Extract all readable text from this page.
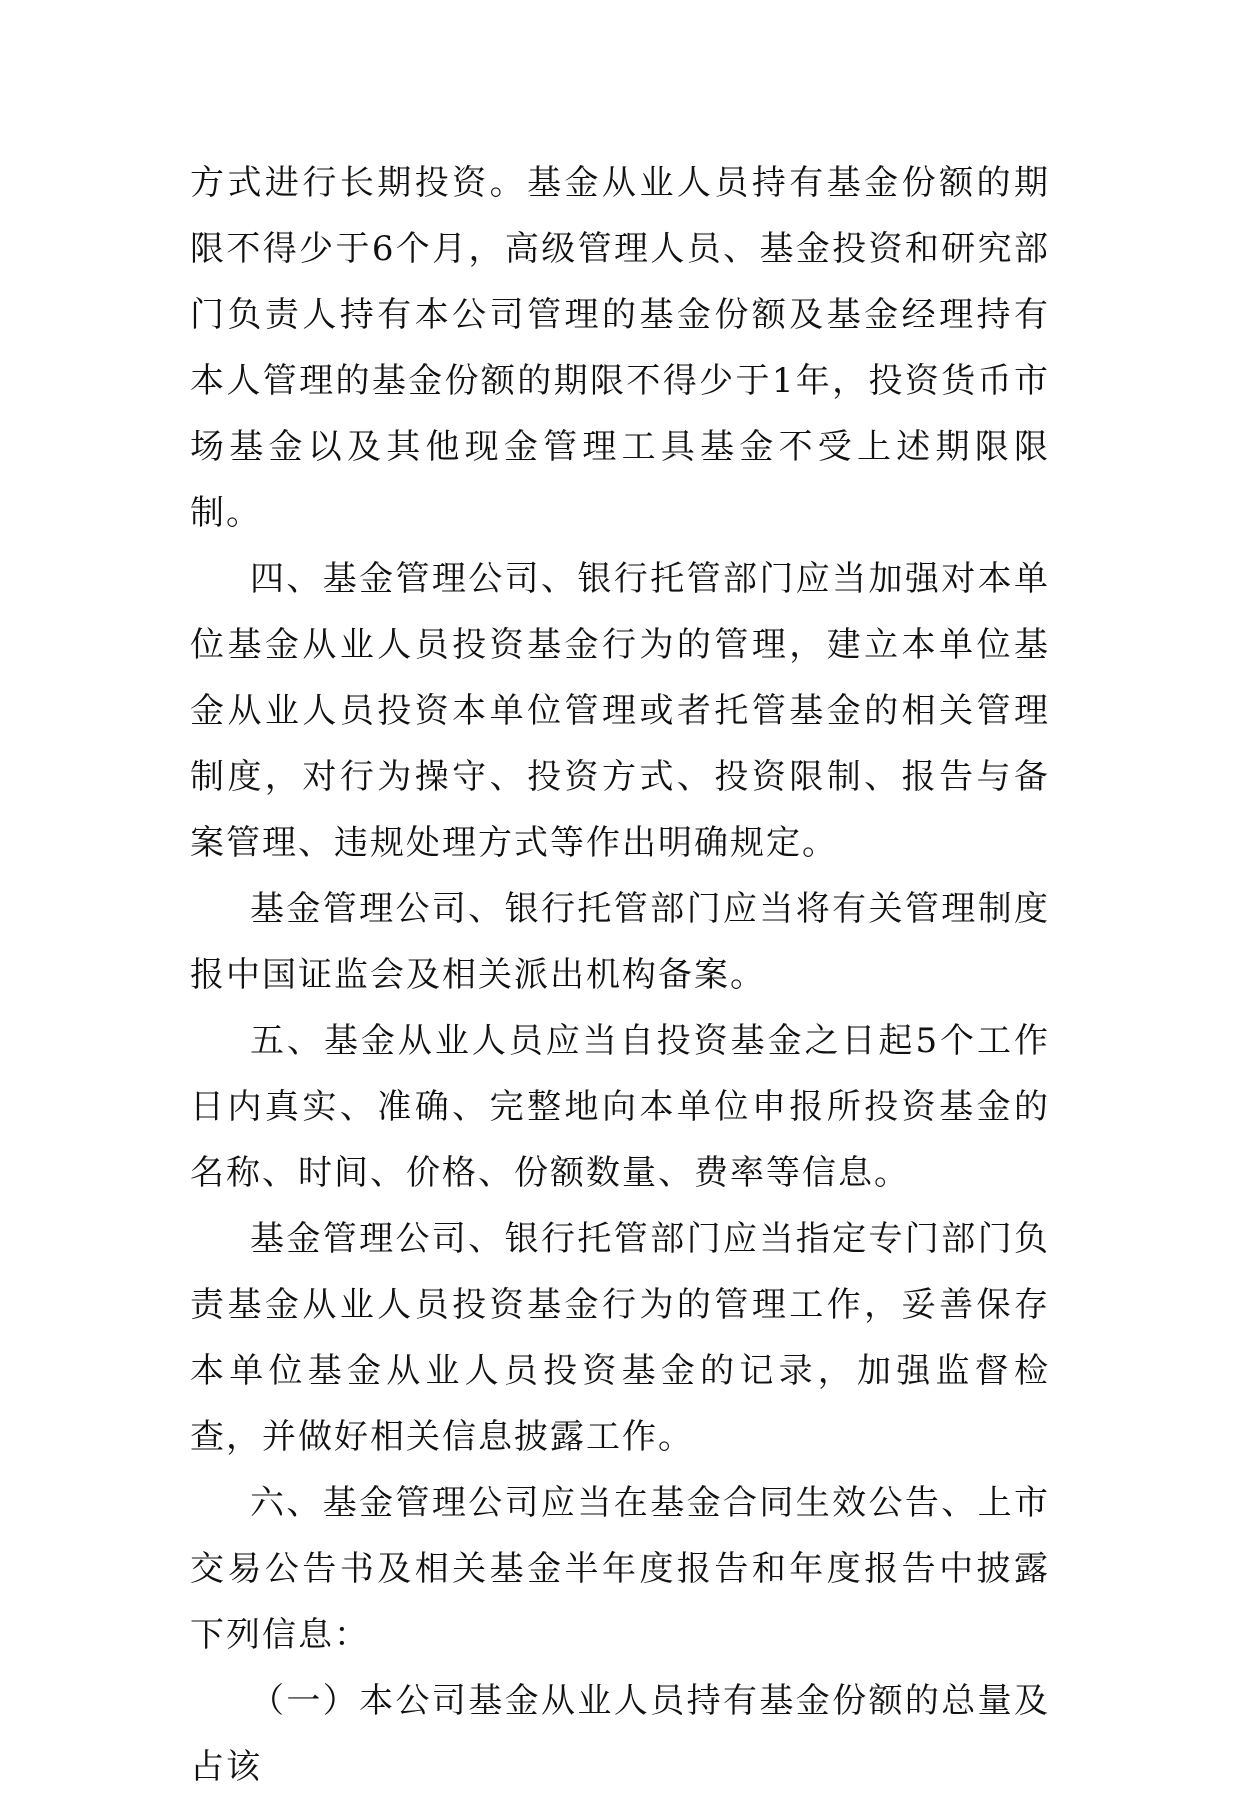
方式进行长期投资。基金从业人员持有基金份额的期限不得少于6个月，高级管理人员、基金投资和研究部门负责人持有本公司管理的基金份额及基金经理持有本人管理的基金份额的期限不得少于1年，投资货币市场基金以及其他现金管理工具基金不受上述期限限制。

四、基金管理公司、银行托管部门应当加强对本单位基金从业人员投资基金行为的管理，建立本单位基金从业人员投资本单位管理或者托管基金的相关管理制度，对行为操守、投资方式、投资限制、报告与备案管理、违规处理方式等作出明确规定。

基金管理公司、银行托管部门应当将有关管理制度报中国证监会及相关派出机构备案。

五、基金从业人员应当自投资基金之日起5个工作日内真实、准确、完整地向本单位申报所投资基金的名称、时间、价格、份额数量、费率等信息。

基金管理公司、银行托管部门应当指定专门部门负责基金从业人员投资基金行为的管理工作，妥善保存本单位基金从业人员投资基金的记录，加强监督检查，并做好相关信息披露工作。

六、基金管理公司应当在基金合同生效公告、上市交易公告书及相关基金半年度报告和年度报告中披露下列信息：

（一）本公司基金从业人员持有基金份额的总量及占该
